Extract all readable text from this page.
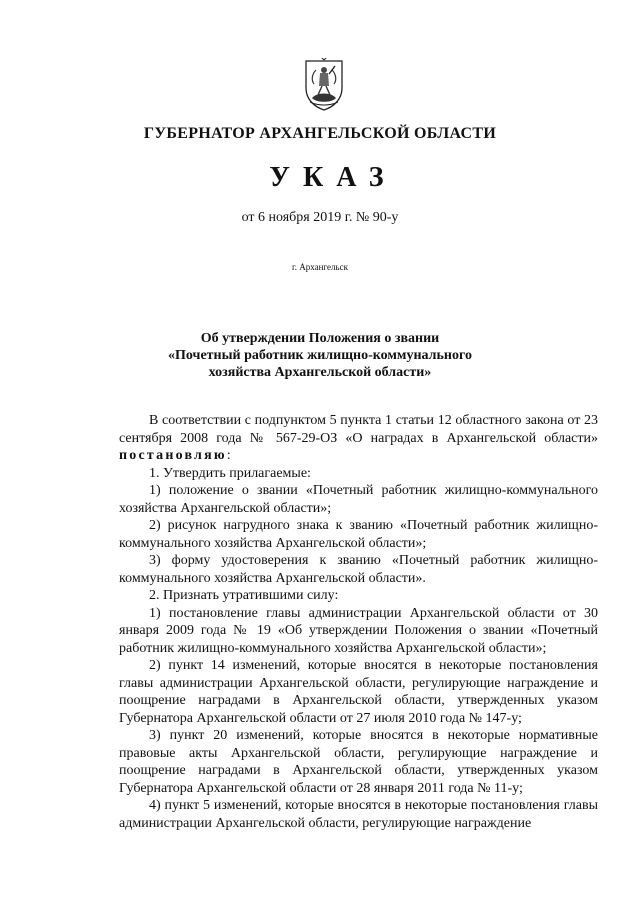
ГУБЕРНАТОР АРХАНГЕЛЬСКОЙ ОБЛАСТИ
УКАЗ
от 6 ноября 2019 г. № 90-у
г. Архангельск
Об утверждении Положения о звании
«Почетный работник жилищно-коммунального
хозяйства Архангельской области»

В соответствии с подпунктом 5 пункта 1 статьи 12 областного закона от 23 сентября 2008 года № 567-29-ОЗ «О наградах в Архангельской области» постановляю:

1. Утвердить прилагаемые:

1) положение о звании «Почетный работник жилищно-коммунального хозяйства Архангельской области»;

2) рисунок нагрудного знака к званию «Почетный работник жилищно-коммунального хозяйства Архангельской области»;

3) форму удостоверения к званию «Почетный работник жилищно-коммунального хозяйства Архангельской области».

2. Признать утратившими силу:

1) постановление главы администрации Архангельской области от 30 января 2009 года № 19 «Об утверждении Положения о звании «Почетный работник жилищно-коммунального хозяйства Архангельской области»;

2) пункт 14 изменений, которые вносятся в некоторые постановления главы администрации Архангельской области, регулирующие награждение и поощрение наградами в Архангельской области, утвержденных указом Губернатора Архангельской области от 27 июля 2010 года № 147-у;

3) пункт 20 изменений, которые вносятся в некоторые нормативные правовые акты Архангельской области, регулирующие награждение и поощрение наградами в Архангельской области, утвержденных указом Губернатора Архангельской области от 28 января 2011 года № 11-у;

4) пункт 5 изменений, которые вносятся в некоторые постановления главы администрации Архангельской области, регулирующие награждение
